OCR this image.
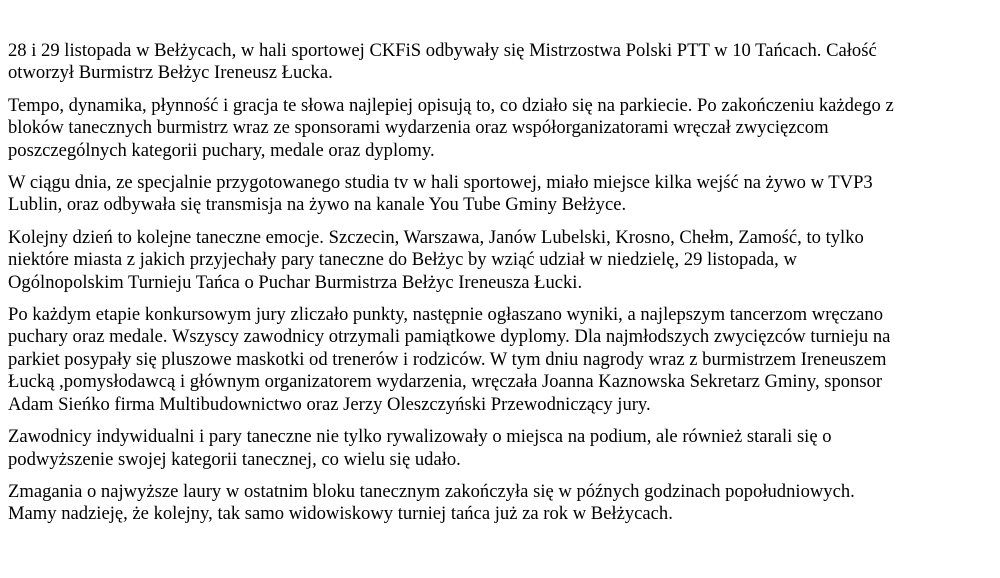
28 i 29 listopada w Bełżycach, w hali sportowej CKFiS odbywały się Mistrzostwa Polski PTT w 10 Tańcach. Całość
otworzył Burmistrz Bełżyc Ireneusz Łucka.

Tempo, dynamika, płynność i gracja te słowa najlepiej opisują to, co działo się na parkiecie. Po zakończeniu każdego z
bloków tanecznych burmistrz wraz ze sponsorami wydarzenia oraz współorganizatorami wręczał zwycięzcom
poszczególnych kategorii puchary, medale oraz dyplomy.

W ciągu dnia, ze specjalnie przygotowanego studia tv w hali sportowej, miało miejsce kilka wejść na żywo w TVP3
Lublin, oraz odbywała się transmisja na żywo na kanale You Tube Gminy Bełżyce.

Kolejny dzień to kolejne taneczne emocje. Szczecin, Warszawa, Janów Lubelski, Krosno, Chełm, Zamość, to tylko
niektóre miasta z jakich przyjechały pary taneczne do Bełżyc by wziąć udział w niedzielę, 29 listopada, w
Ogólnopolskim Turnieju Tańca o Puchar Burmistrza Bełżyc Ireneusza Łucki.

Po każdym etapie konkursowym jury zliczało punkty, następnie ogłaszano wyniki, a najlepszym tancerzom wręczano
puchary oraz medale. Wszyscy zawodnicy otrzymali pamiątkowe dyplomy. Dla najmłodszych zwycięzców turnieju na
parkiet posypały się pluszowe maskotki od trenerów i rodziców. W tym dniu nagrody wraz z burmistrzem Ireneuszem
Łucką ,pomysłodawcą i głównym organizatorem wydarzenia, wręczała Joanna Kaznowska Sekretarz Gminy, sponsor
Adam Sieńko firma Multibudownictwo oraz Jerzy Oleszczyński Przewodniczący jury.

Zawodnicy indywidualni i pary taneczne nie tylko rywalizowały o miejsca na podium, ale również starali się o
podwyższenie swojej kategorii tanecznej, co wielu się udało.

Zmagania o najwyższe laury w ostatnim bloku tanecznym zakończyła się w późnych godzinach popołudniowych.
Mamy nadzieję, że kolejny, tak samo widowiskowy turniej tańca już za rok w Bełżycach.
